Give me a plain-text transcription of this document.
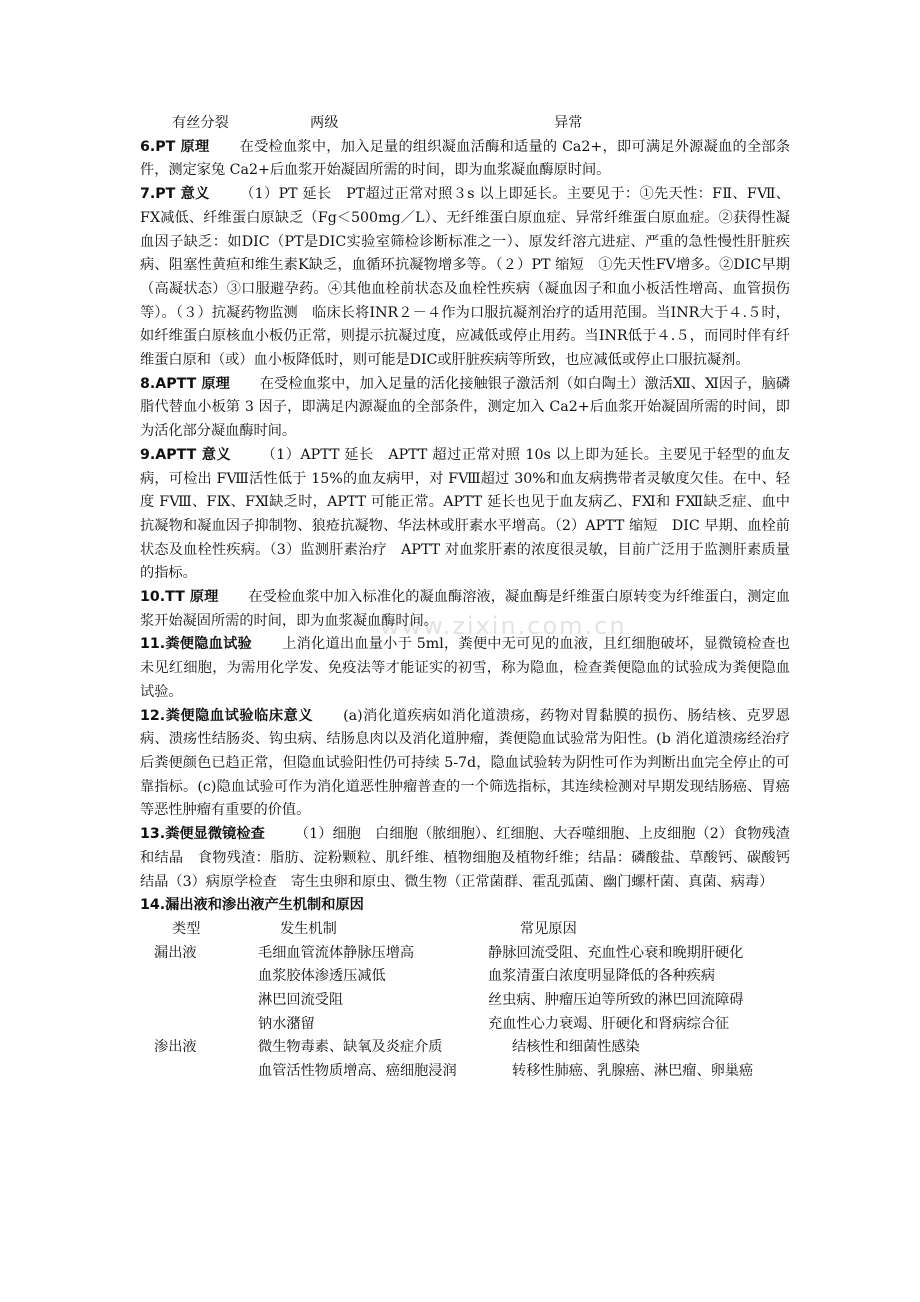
www.zixin.com.cn
有丝分裂	两级	异常
6.PT 原理 在受检血浆中，加入足量的组织凝血活酶和适量的 Ca2+，即可满足外源凝血的全部条件，测定家兔 Ca2+后血浆开始凝固所需的时间，即为血浆凝血酶原时间。
7.PT 意义 （1）PT 延长　PT超过正常对照３s 以上即延长。主要见于：①先天性：FⅡ、FⅦ、FⅩ减低、纤维蛋白原缺乏（Fg＜500mg／L）、无纤维蛋白原血症、异常纤维蛋白原血症。②获得性凝血因子缺乏：如DIC（PT是DIC实验室筛检诊断标准之一）、原发纤溶亢进症、严重的急性慢性肝脏疾病、阻塞性黄疸和维生素K缺乏，血循环抗凝物增多等。（２）PT 缩短　①先天性FV增多。②DIC早期（高凝状态）③口服避孕药。④其他血栓前状态及血栓性疾病（凝血因子和血小板活性增高、血管损伤等）。（３）抗凝药物监测　临床长将INR２－４作为口服抗凝剂治疗的适用范围。当INR大于４.５时，如纤维蛋白原核血小板仍正常，则提示抗凝过度，应减低或停止用药。当INR低于４.５，而同时伴有纤维蛋白原和（或）血小板降低时，则可能是DIC或肝脏疾病等所致，也应减低或停止口服抗凝剂。
8.APTT 原理 在受检血浆中，加入足量的活化接触银子激活剂（如白陶土）激活Ⅻ、Ⅺ因子，脑磷脂代替血小板第 3 因子，即满足内源凝血的全部条件，测定加入 Ca2+后血浆开始凝固所需的时间，即为活化部分凝血酶时间。
9.APTT 意义 （1）APTT 延长　APTT 超过正常对照 10s 以上即为延长。主要见于轻型的血友病，可检出 FⅧ活性低于 15%的血友病甲，对 FⅧ超过 30%和血友病携带者灵敏度欠佳。在中、轻度 FⅧ、FⅨ、FⅪ缺乏时，APTT 可能正常。APTT 延长也见于血友病乙、FⅪ和 FⅫ缺乏症、血中抗凝物和凝血因子抑制物、狼疮抗凝物、华法林或肝素水平增高。（2）APTT 缩短　DIC 早期、血栓前状态及血栓性疾病。（3）监测肝素治疗　APTT 对血浆肝素的浓度很灵敏，目前广泛用于监测肝素质量的指标。
10.TT 原理 在受检血浆中加入标准化的凝血酶溶液，凝血酶是纤维蛋白原转变为纤维蛋白，测定血浆开始凝固所需的时间，即为血浆凝血酶时间。
11.粪便隐血试验 上消化道出血量小于 5ml，粪便中无可见的血液，且红细胞破坏，显微镜检查也未见红细胞，为需用化学发、免疫法等才能证实的初雪，称为隐血，检查粪便隐血的试验成为粪便隐血试验。
12.粪便隐血试验临床意义 (a)消化道疾病如消化道溃疡，药物对胃黏膜的损伤、肠结核、克罗恩病、溃疡性结肠炎、钩虫病、结肠息肉以及消化道肿瘤，粪便隐血试验常为阳性。(b 消化道溃疡经治疗后粪便颜色已趋正常，但隐血试验阳性仍可持续 5-7d，隐血试验转为阴性可作为判断出血完全停止的可靠指标。(c)隐血试验可作为消化道恶性肿瘤普查的一个筛选指标，其连续检测对早期发现结肠癌、胃癌等恶性肿瘤有重要的价值。
13.粪便显微镜检查 （1）细胞　白细胞（脓细胞）、红细胞、大吞噬细胞、上皮细胞（2）食物残渣和结晶　食物残渣：脂肪、淀粉颗粒、肌纤维、植物细胞及植物纤维；结晶：磷酸盐、草酸钙、碳酸钙结晶（3）病原学检查　寄生虫卵和原虫、微生物（正常菌群、霍乱弧菌、幽门螺杆菌、真菌、病毒）
14.漏出液和渗出液产生机制和原因
类型	发生机制	常见原因
漏出液	毛细血管流体静脉压增高	静脉回流受阻、充血性心衰和晚期肝硬化
血浆胶体渗透压减低	血浆清蛋白浓度明显降低的各种疾病
淋巴回流受阻	丝虫病、肿瘤压迫等所致的淋巴回流障碍
钠水潴留	充血性心力衰竭、肝硬化和肾病综合征
渗出液	微生物毒素、缺氧及炎症介质	结核性和细菌性感染
血管活性物质增高、癌细胞浸润	转移性肺癌、乳腺癌、淋巴瘤、卵巢癌
